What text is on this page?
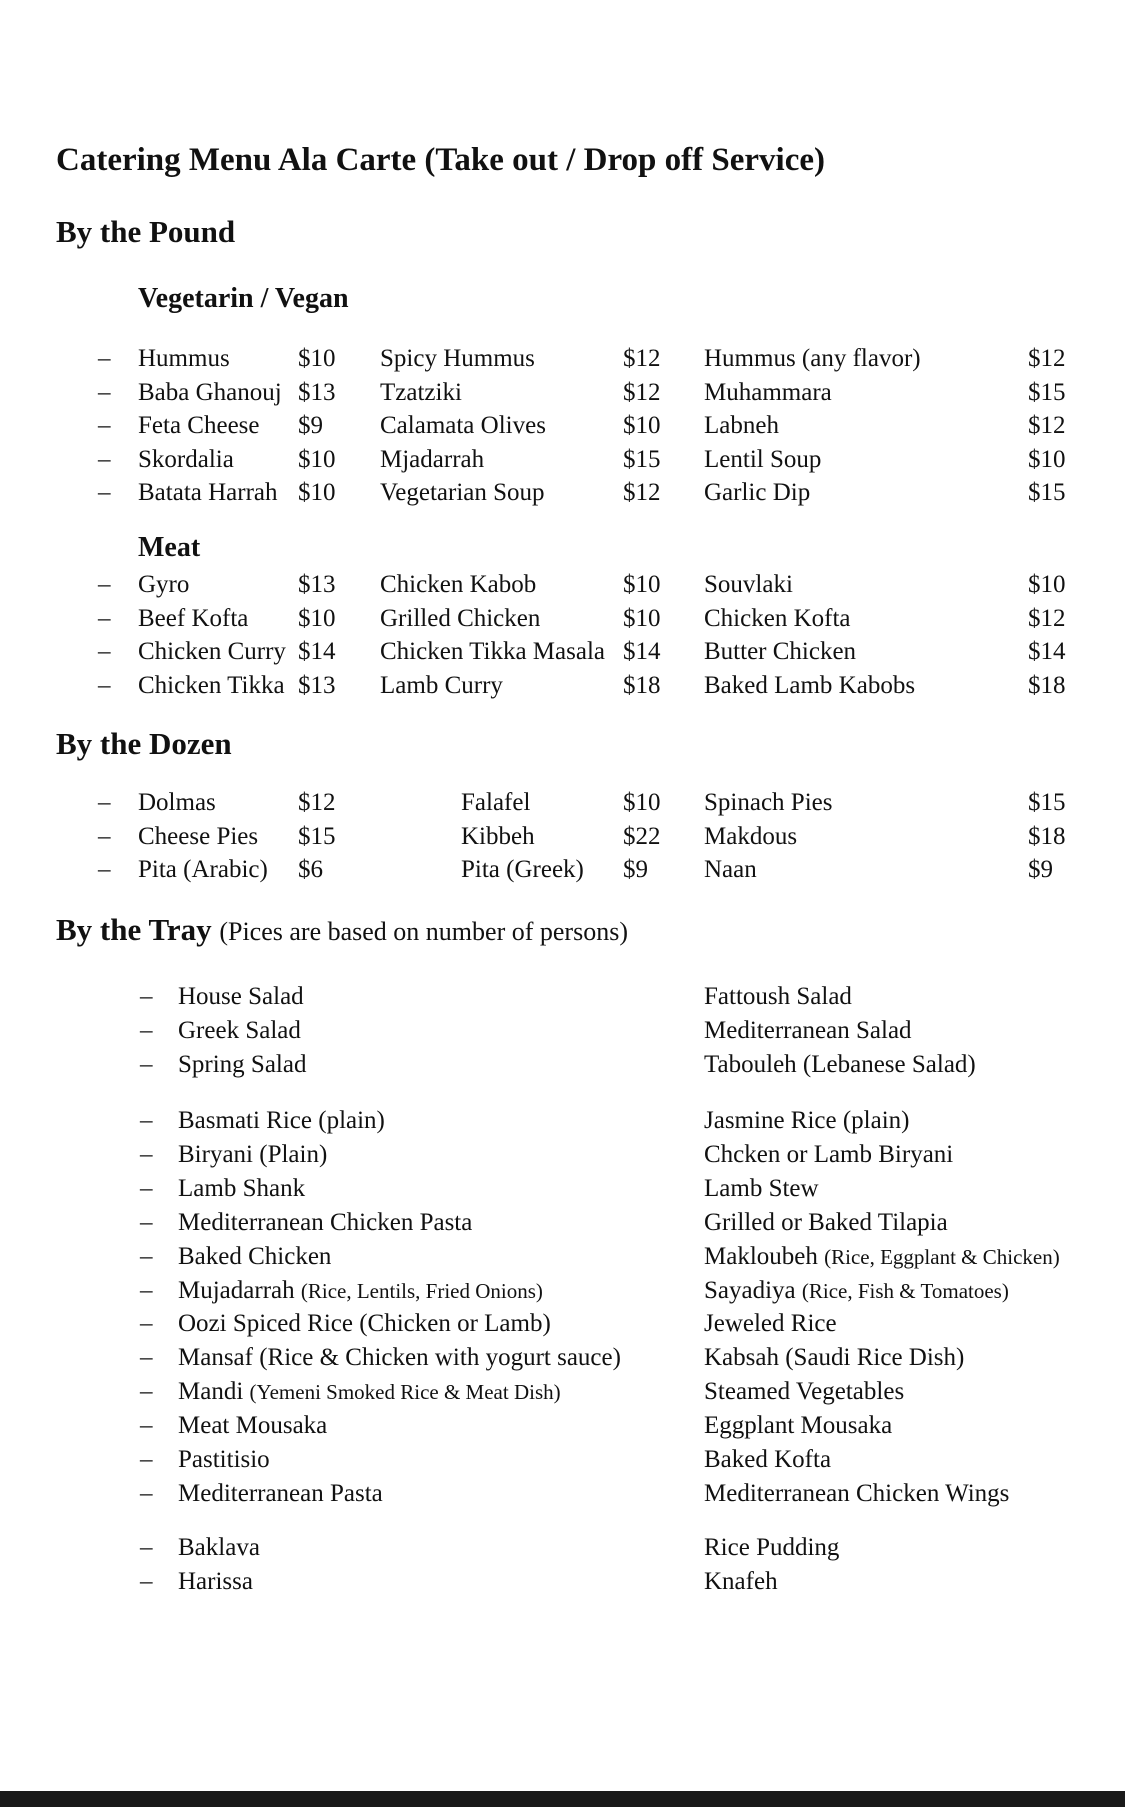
Catering Menu Ala Carte (Take out / Drop off Service)
By the Pound
Vegetarin / Vegan
– Hummus	$10 Spicy Hummus	$12 Hummus (any flavor)	$12
– Baba Ghanouj $13 Tzatziki	$12 Muhammara	$15
– Feta Cheese $9 Calamata Olives	$10 Labneh	$12
– Skordalia	$10 Mjadarrah	$15 Lentil Soup	$10
– Batata Harrah $10 Vegetarian Soup	$12 Garlic Dip	$15
Meat
– Gyro	$13 Chicken Kabob	$10 Souvlaki	$10
– Beef Kofta $10 Grilled Chicken	$10 Chicken Kofta	$12
– Chicken Curry $14 Chicken Tikka Masala $14 Butter Chicken	$14
– Chicken Tikka $13 Lamb Curry	$18 Baked Lamb Kabobs	$18
By the Dozen
– Dolmas	$12	Falafel	$10 Spinach Pies	$15
– Cheese Pies $15	Kibbeh	$22 Makdous	$18
– Pita (Arabic) $6	Pita (Greek) $9 Naan	$9
By the Tray (Pices are based on number of persons)
– House Salad	Fattoush Salad
– Greek Salad	Mediterranean Salad
– Spring Salad	Tabouleh (Lebanese Salad)
– Basmati Rice (plain)	Jasmine Rice (plain)
– Biryani (Plain)	Chcken or Lamb Biryani
– Lamb Shank	Lamb Stew
– Mediterranean Chicken Pasta	Grilled or Baked Tilapia
– Baked Chicken	Makloubeh (Rice, Eggplant & Chicken)
– Mujadarrah (Rice, Lentils, Fried Onions)	Sayadiya (Rice, Fish & Tomatoes)
– Oozi Spiced Rice (Chicken or Lamb)	Jeweled Rice
– Mansaf (Rice & Chicken with yogurt sauce)	Kabsah (Saudi Rice Dish)
– Mandi (Yemeni Smoked Rice & Meat Dish)	Steamed Vegetables
– Meat Mousaka	Eggplant Mousaka
– Pastitisio	Baked Kofta
– Mediterranean Pasta	Mediterranean Chicken Wings
– Baklava	Rice Pudding
– Harissa	Knafeh
